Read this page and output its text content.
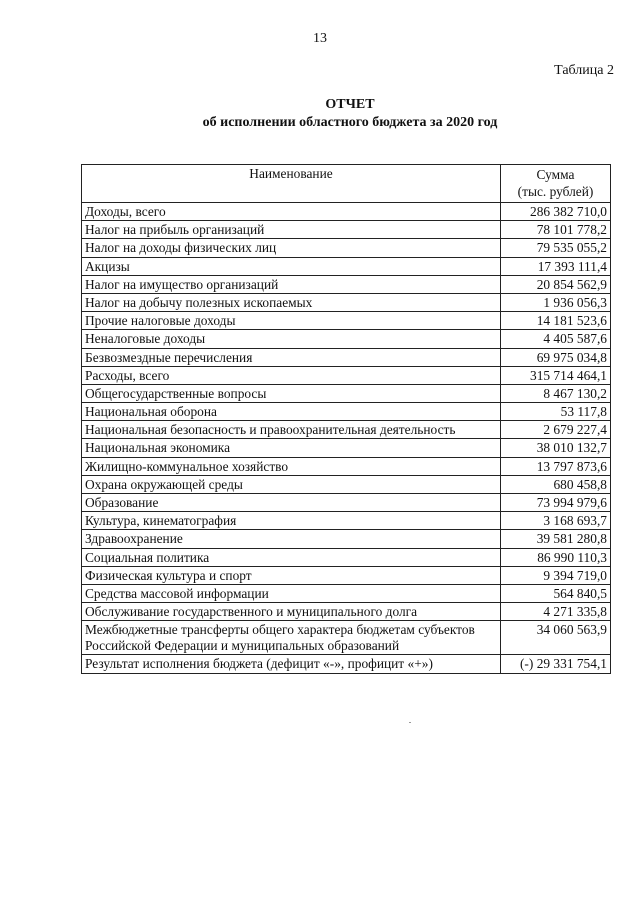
13
Таблица 2
ОТЧЕТ
об исполнении областного бюджета за 2020 год
Наименование	Сумма
(тыс. рублей)

Доходы, всего	286 382 710,0
Налог на прибыль организаций	78 101 778,2
Налог на доходы физических лиц	79 535 055,2
Акцизы	17 393 111,4
Налог на имущество организаций	20 854 562,9
Налог на добычу полезных ископаемых	1 936 056,3
Прочие налоговые доходы	14 181 523,6
Неналоговые доходы	4 405 587,6
Безвозмездные перечисления	69 975 034,8
Расходы, всего	315 714 464,1
Общегосударственные вопросы	8 467 130,2
Национальная оборона	53 117,8
Национальная безопасность и правоохранительная деятельность	2 679 227,4
Национальная экономика	38 010 132,7
Жилищно-коммунальное хозяйство	13 797 873,6
Охрана окружающей среды	680 458,8
Образование	73 994 979,6
Культура, кинематография	3 168 693,7
Здравоохранение	39 581 280,8
Социальная политика	86 990 110,3
Физическая культура и спорт	9 394 719,0
Средства массовой информации	564 840,5
Обслуживание государственного и муниципального долга	4 271 335,8
Межбюджетные трансферты общего характера бюджетам субъектов Российской Федерации и муниципальных образований	34 060 563,9
Результат исполнения бюджета (дефицит «-», профицит «+»)	(-) 29 331 754,1
